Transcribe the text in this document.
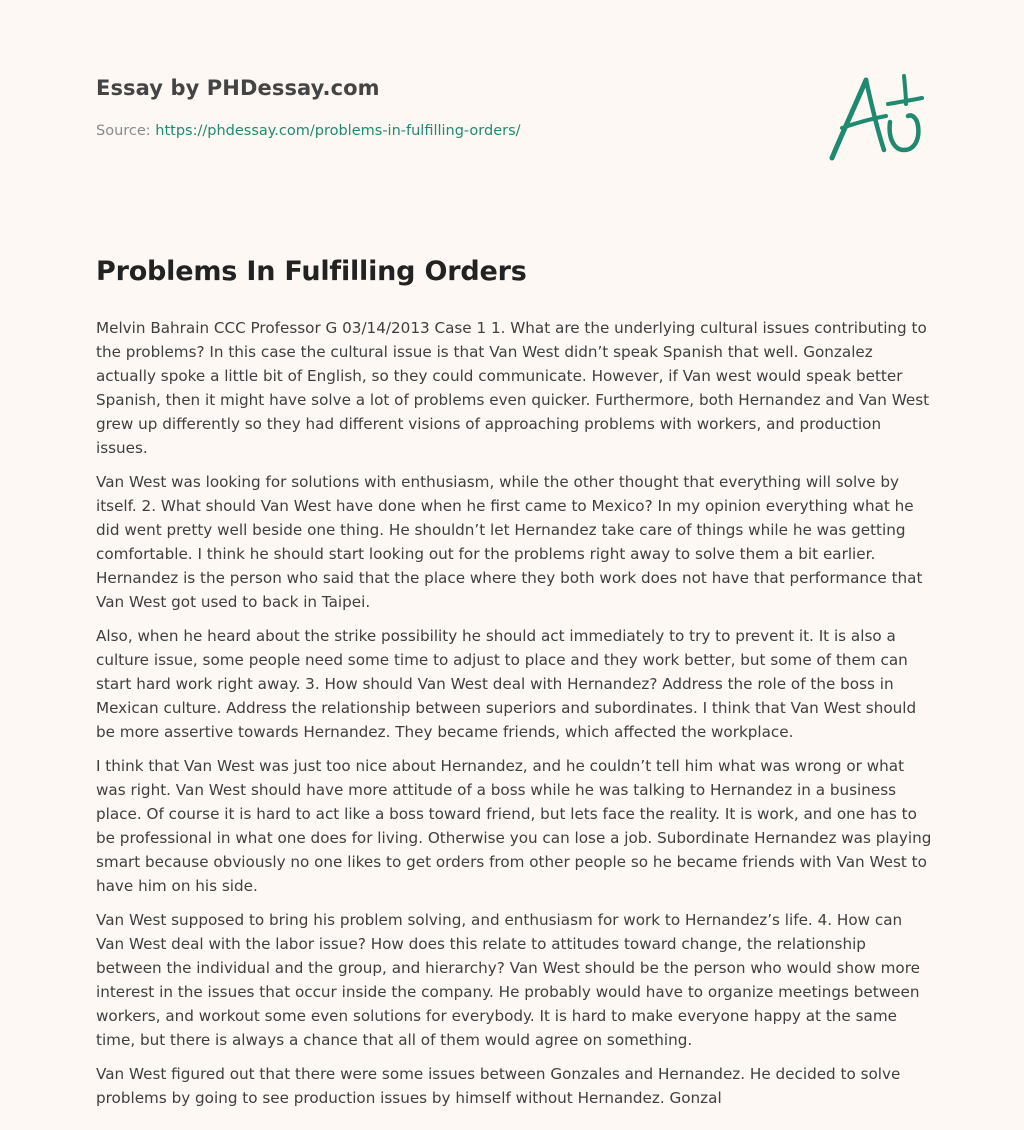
Essay by PHDessay.com
Source: https://phdessay.com/problems-in-fulfilling-orders/
Problems In Fulfilling Orders

Melvin Bahrain CCC Professor G 03/14/2013 Case 1 1. What are the underlying cultural issues contributing to the problems? In this case the cultural issue is that Van West didn’t speak Spanish that well. Gonzalez actually spoke a little bit of English, so they could communicate. However, if Van west would speak better Spanish, then it might have solve a lot of problems even quicker. Furthermore, both Hernandez and Van West grew up differently so they had different visions of approaching problems with workers, and production issues.

Van West was looking for solutions with enthusiasm, while the other thought that everything will solve by itself. 2. What should Van West have done when he first came to Mexico? In my opinion everything what he did went pretty well beside one thing. He shouldn’t let Hernandez take care of things while he was getting comfortable. I think he should start looking out for the problems right away to solve them a bit earlier. Hernandez is the person who said that the place where they both work does not have that performance that Van West got used to back in Taipei.

Also, when he heard about the strike possibility he should act immediately to try to prevent it. It is also a culture issue, some people need some time to adjust to place and they work better, but some of them can start hard work right away. 3. How should Van West deal with Hernandez? Address the role of the boss in Mexican culture. Address the relationship between superiors and subordinates. I think that Van West should be more assertive towards Hernandez. They became friends, which affected the workplace.

I think that Van West was just too nice about Hernandez, and he couldn’t tell him what was wrong or what was right. Van West should have more attitude of a boss while he was talking to Hernandez in a business place. Of course it is hard to act like a boss toward friend, but lets face the reality. It is work, and one has to be professional in what one does for living. Otherwise you can lose a job. Subordinate Hernandez was playing smart because obviously no one likes to get orders from other people so he became friends with Van West to have him on his side.

Van West supposed to bring his problem solving, and enthusiasm for work to Hernandez’s life. 4. How can Van West deal with the labor issue? How does this relate to attitudes toward change, the relationship between the individual and the group, and hierarchy? Van West should be the person who would show more interest in the issues that occur inside the company. He probably would have to organize meetings between workers, and workout some even solutions for everybody. It is hard to make everyone happy at the same time, but there is always a chance that all of them would agree on something.

Van West figured out that there were some issues between Gonzales and Hernandez. He decided to solve problems by going to see production issues by himself without Hernandez. Gonzal
